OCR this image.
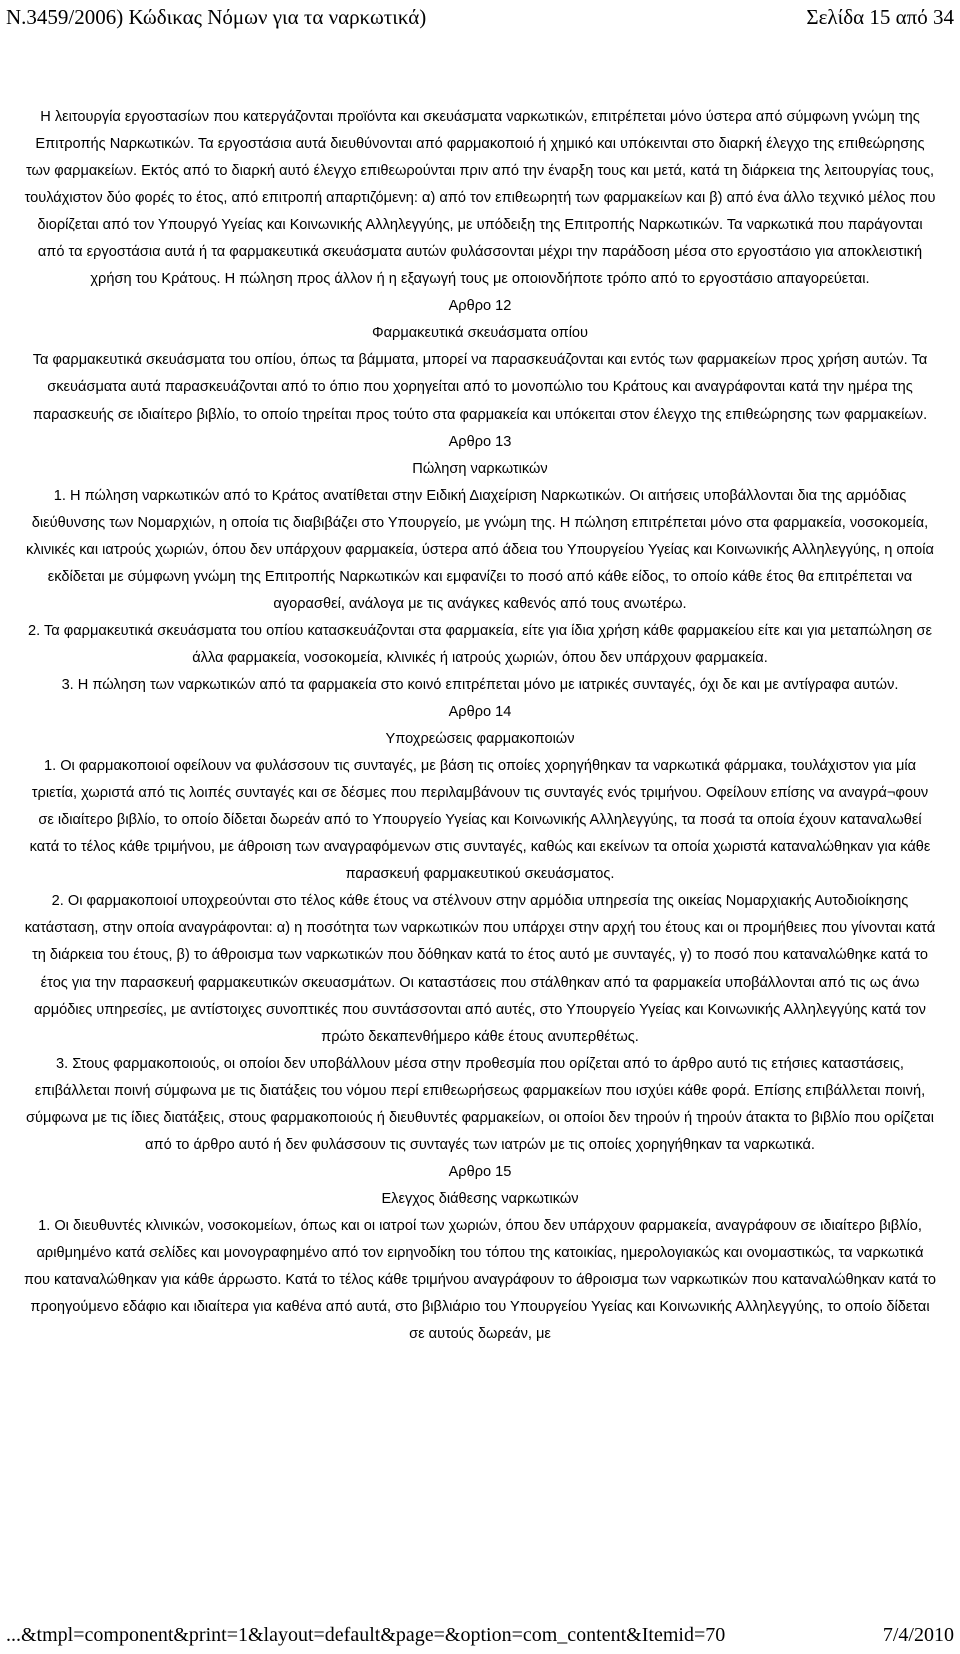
N.3459/2006) Κώδικας Νόμων για τα ναρκωτικά)	Σελίδα 15 από 34

Η λειτουργία εργοστασίων που κατεργάζονται προϊόντα και σκευάσματα ναρκωτικών, επιτρέπεται μόνο ύστερα από σύμφωνη γνώμη της Επιτροπής Ναρκωτικών. Τα εργοστάσια αυτά διευθύνονται από φαρμακοποιό ή χημικό και υπόκεινται στο διαρκή έλεγχο της επιθεώρησης των φαρμακείων. Εκτός από το διαρκή αυτό έλεγχο επιθεωρούνται πριν από την έναρξη τους και μετά, κατά τη διάρκεια της λειτουργίας τους, τουλάχιστον δύο φορές το έτος, από επιτροπή απαρτιζόμενη: α) από τον επιθεωρητή των φαρμακείων και β) από ένα άλλο τεχνικό μέλος που διορίζεται από τον Υπουργό Υγείας και Κοινωνικής Αλληλεγγύης, με υπόδειξη της Επιτροπής Ναρκωτικών. Τα ναρκωτικά που παράγονται από τα εργοστάσια αυτά ή τα φαρμακευτικά σκευάσματα αυτών φυλάσσονται μέχρι την παράδοση μέσα στο εργοστάσιο για αποκλειστική χρήση του Κράτους. Η πώληση προς άλλον ή η εξαγωγή τους με οποιονδήποτε τρόπο από το εργοστάσιο απαγορεύεται.

Αρθρο 12

Φαρμακευτικά σκευάσματα οπίου

Τα φαρμακευτικά σκευάσματα του οπίου, όπως τα βάμματα, μπορεί να παρασκευάζονται και εντός των φαρμακείων προς χρήση αυτών. Τα σκευάσματα αυτά παρασκευάζονται από το όπιο που χορηγείται από το μονοπώλιο του Κράτους και αναγράφονται κατά την ημέρα της παρασκευής σε ιδιαίτερο βιβλίο, το οποίο τηρείται προς τούτο στα φαρμακεία και υπόκειται στον έλεγχο της επιθεώρησης των φαρμακείων.

Αρθρο 13

Πώληση ναρκωτικών

1. Η πώληση ναρκωτικών από το Κράτος ανατίθεται στην Ειδική Διαχείριση Ναρκωτικών. Οι αιτήσεις υποβάλλονται δια της αρμόδιας διεύθυνσης των Νομαρχιών, η οποία τις διαβιβάζει στο Υπουργείο, με γνώμη της. Η πώληση επιτρέπεται μόνο στα φαρμακεία, νοσοκομεία, κλινικές και ιατρούς χωριών, όπου δεν υπάρχουν φαρμακεία, ύστερα από άδεια του Υπουργείου Υγείας και Κοινωνικής Αλληλεγγύης, η οποία εκδίδεται με σύμφωνη γνώμη της Επιτροπής Ναρκωτικών και εμφανίζει το ποσό από κάθε είδος, το οποίο κάθε έτος θα επιτρέπεται να αγορασθεί, ανάλογα με τις ανάγκες καθενός από τους ανωτέρω.

2. Τα φαρμακευτικά σκευάσματα του οπίου κατασκευάζονται στα φαρμακεία, είτε για ίδια χρήση κάθε φαρμακείου είτε και για μεταπώληση σε άλλα φαρμακεία, νοσοκομεία, κλινικές ή ιατρούς χωριών, όπου δεν υπάρχουν φαρμακεία.

3. Η πώληση των ναρκωτικών από τα φαρμακεία στο κοινό επιτρέπεται μόνο με ιατρικές συνταγές, όχι δε και με αντίγραφα αυτών.

Αρθρο 14

Υποχρεώσεις φαρμακοποιών

1. Οι φαρμακοποιοί οφείλουν να φυλάσσουν τις συνταγές, με βάση τις οποίες χορηγήθηκαν τα ναρκωτικά φάρμακα, τουλάχιστον για μία τριετία, χωριστά από τις λοιπές συνταγές και σε δέσμες που περιλαμβάνουν τις συνταγές ενός τριμήνου. Οφείλουν επίσης να αναγρά¬φουν σε ιδιαίτερο βιβλίο, το οποίο δίδεται δωρεάν από το Υπουργείο Υγείας και Κοινωνικής Αλληλεγγύης, τα ποσά τα οποία έχουν καταναλωθεί κατά το τέλος κάθε τριμήνου, με άθροιση των αναγραφόμενων στις συνταγές, καθώς και εκείνων τα οποία χωριστά καταναλώθηκαν για κάθε παρασκευή φαρμακευτικού σκευάσματος.

2. Οι φαρμακοποιοί υποχρεούνται στο τέλος κάθε έτους να στέλνουν στην αρμόδια υπηρεσία της οικείας Νομαρχιακής Αυτοδιοίκησης κατάσταση, στην οποία αναγράφονται: α) η ποσότητα των ναρκωτικών που υπάρχει στην αρχή του έτους και οι προμήθειες που γίνονται κατά τη διάρκεια του έτους, β) το άθροισμα των ναρκωτικών που δόθηκαν κατά το έτος αυτό με συνταγές, γ) το ποσό που καταναλώθηκε κατά το έτος για την παρασκευή φαρμακευτικών σκευασμάτων. Οι καταστάσεις που στάλθηκαν από τα φαρμακεία υποβάλλονται από τις ως άνω αρμόδιες υπηρεσίες, με αντίστοιχες συνοπτικές που συντάσσονται από αυτές, στο Υπουργείο Υγείας και Κοινωνικής Αλληλεγγύης κατά τον πρώτο δεκαπενθήμερο κάθε έτους ανυπερθέτως.

3. Στους φαρμακοποιούς, οι οποίοι δεν υποβάλλουν μέσα στην προθεσμία που ορίζεται από το άρθρο αυτό τις ετήσιες καταστάσεις, επιβάλλεται ποινή σύμφωνα με τις διατάξεις του νόμου περί επιθεωρήσεως φαρμακείων που ισχύει κάθε φορά. Επίσης επιβάλλεται ποινή, σύμφωνα με τις ίδιες διατάξεις, στους φαρμακοποιούς ή διευθυντές φαρμακείων, οι οποίοι δεν τηρούν ή τηρούν άτακτα το βιβλίο που ορίζεται από το άρθρο αυτό ή δεν φυλάσσουν τις συνταγές των ιατρών με τις οποίες χορηγήθηκαν τα ναρκωτικά.

Αρθρο 15

Ελεγχος διάθεσης ναρκωτικών

1. Οι διευθυντές κλινικών, νοσοκομείων, όπως και οι ιατροί των χωριών, όπου δεν υπάρχουν φαρμακεία, αναγράφουν σε ιδιαίτερο βιβλίο, αριθμημένο κατά σελίδες και μονογραφημένο από τον ειρηνοδίκη του τόπου της κατοικίας, ημερολογιακώς και ονομαστικώς, τα ναρκωτικά που καταναλώθηκαν για κάθε άρρωστο. Κατά το τέλος κάθε τριμήνου αναγράφουν το άθροισμα των ναρκωτικών που καταναλώθηκαν κατά το προηγούμενο εδάφιο και ιδιαίτερα για καθένα από αυτά, στο βιβλιάριο του Υπουργείου Υγείας και Κοινωνικής Αλληλεγγύης, το οποίο δίδεται σε αυτούς δωρεάν, με

...&tmpl=component&print=1&layout=default&page=&option=com_content&Itemid=70	7/4/2010
